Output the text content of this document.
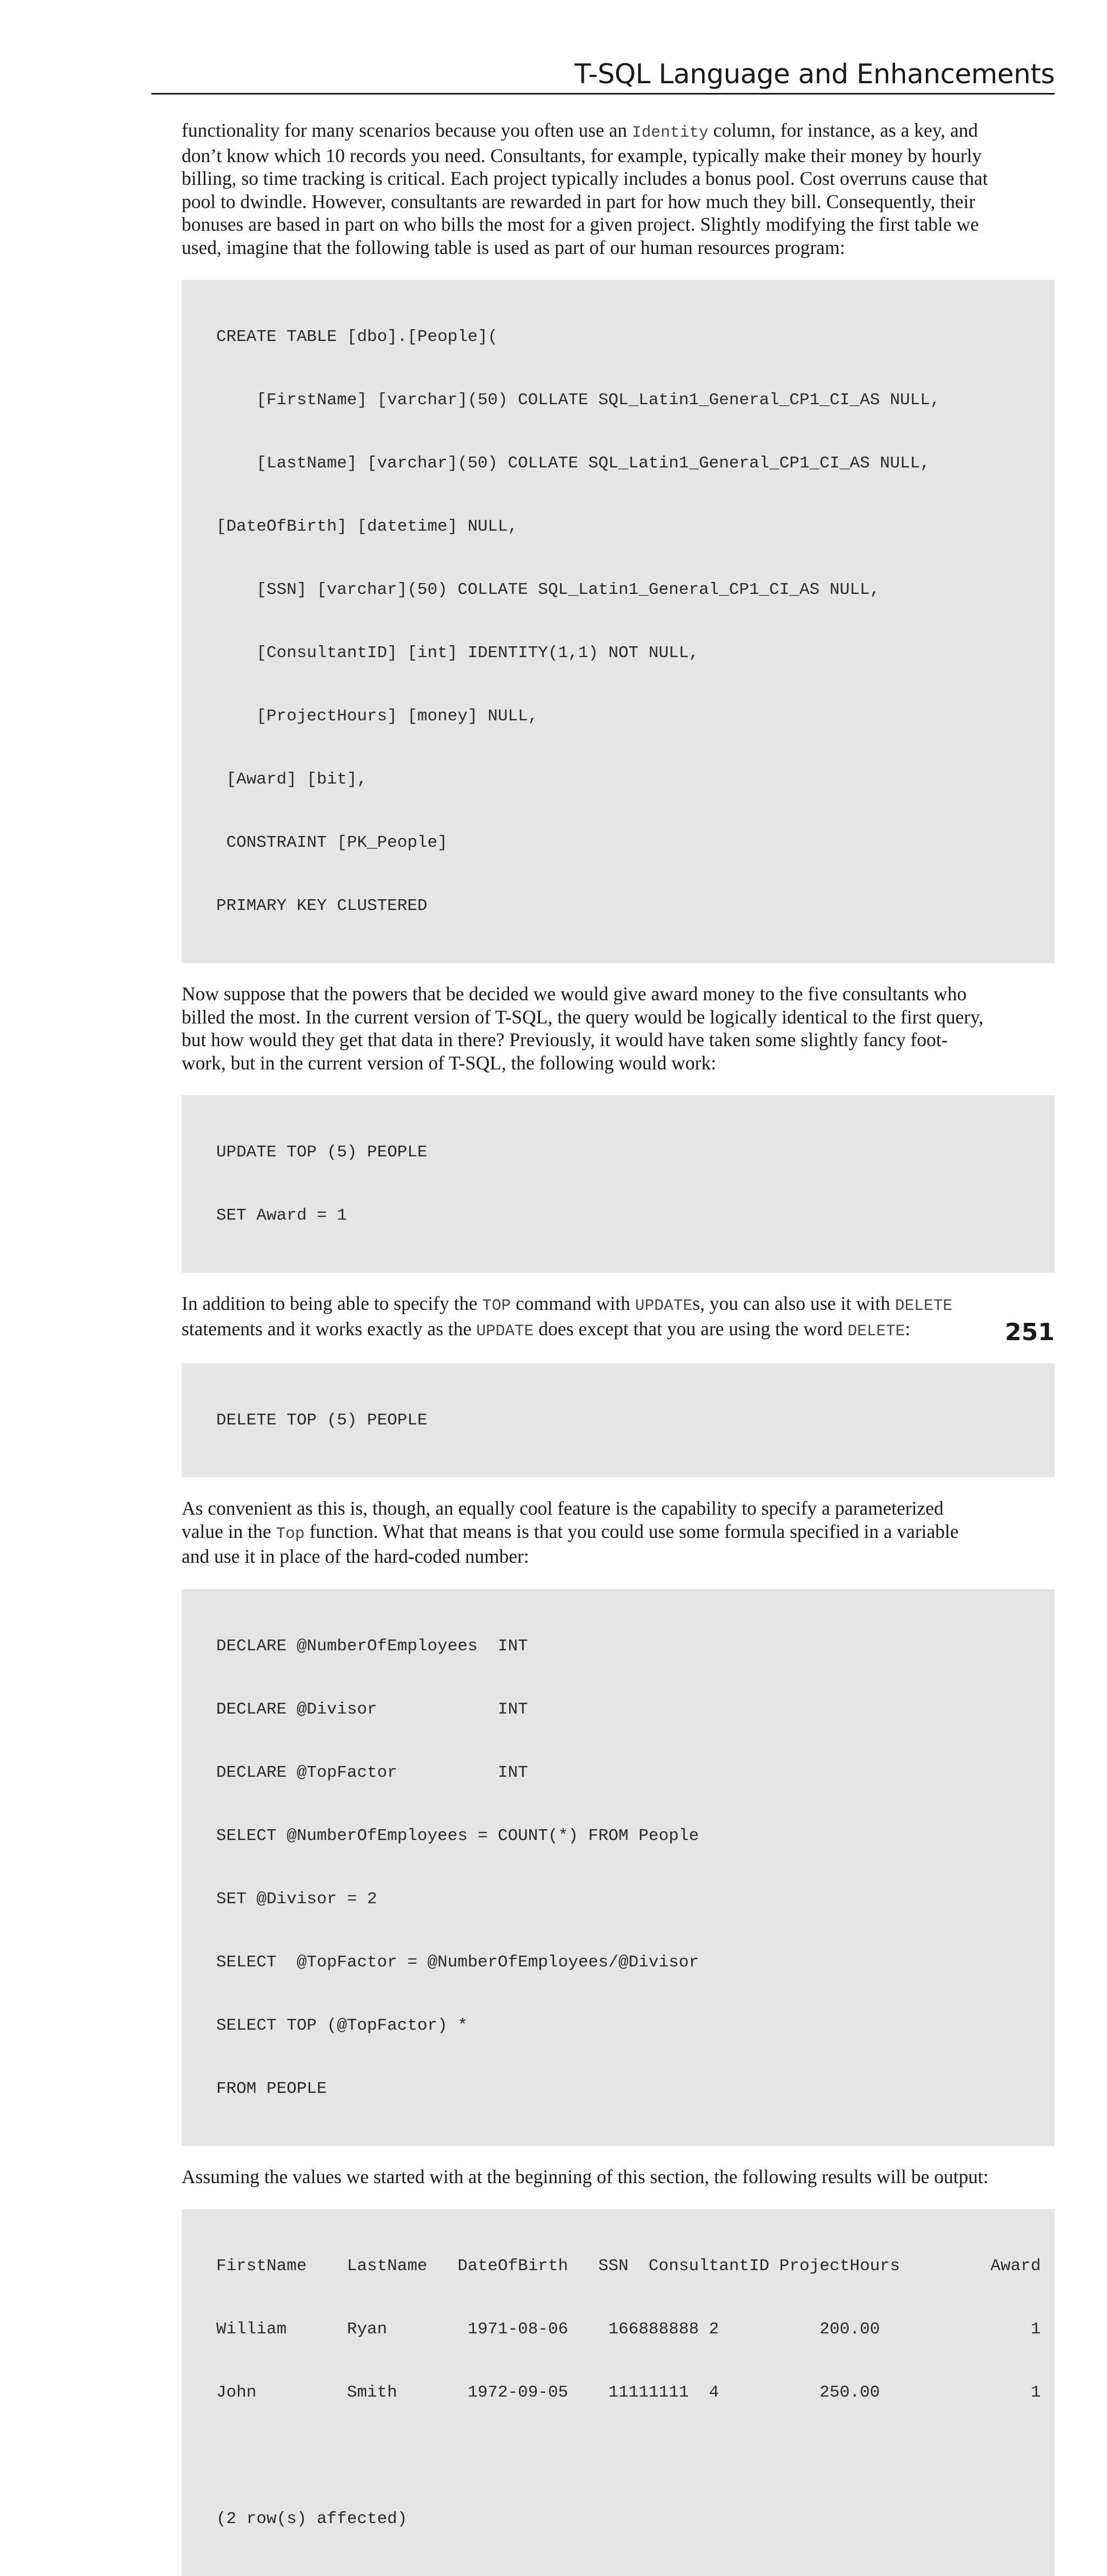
T-SQL Language and Enhancements

functionality for many scenarios because you often use an Identity column, for instance, as a key, and

don’t know which 10 records you need. Consultants, for example, typically make their money by hourly

billing, so time tracking is critical. Each project typically includes a bonus pool. Cost overruns cause that

pool to dwindle. However, consultants are rewarded in part for how much they bill. Consequently, their

bonuses are based in part on who bills the most for a given project. Slightly modifying the first table we

used, imagine that the following table is used as part of our human resources program:

CREATE TABLE [dbo].[People](

[FirstName] [varchar](50) COLLATE SQL_Latin1_General_CP1_CI_AS NULL,

[LastName] [varchar](50) COLLATE SQL_Latin1_General_CP1_CI_AS NULL,

[DateOfBirth] [datetime] NULL,

[SSN] [varchar](50) COLLATE SQL_Latin1_General_CP1_CI_AS NULL,

[ConsultantID] [int] IDENTITY(1,1) NOT NULL,

[ProjectHours] [money] NULL,

[Award] [bit],

CONSTRAINT [PK_People]

PRIMARY KEY CLUSTERED

Now suppose that the powers that be decided we would give award money to the five consultants who

billed the most. In the current version of T-SQL, the query would be logically identical to the first query,

but how would they get that data in there? Previously, it would have taken some slightly fancy foot-

work, but in the current version of T-SQL, the following would work:

UPDATE TOP (5) PEOPLE

SET Award = 1

In addition to being able to specify the TOP command with UPDATEs, you can also use it with DELETE

statements and it works exactly as the UPDATE does except that you are using the word DELETE:

DELETE TOP (5) PEOPLE

As convenient as this is, though, an equally cool feature is the capability to specify a parameterized

value in the Top function. What that means is that you could use some formula specified in a variable

and use it in place of the hard-coded number:

DECLARE @NumberOfEmployees  INT

DECLARE @Divisor            INT

DECLARE @TopFactor          INT

SELECT @NumberOfEmployees = COUNT(*) FROM People

SET @Divisor = 2

SELECT  @TopFactor = @NumberOfEmployees/@Divisor

SELECT TOP (@TopFactor) *

FROM PEOPLE

Assuming the values we started with at the beginning of this section, the following results will be output:

FirstName    LastName   DateOfBirth   SSN  ConsultantID ProjectHours         Award

William      Ryan        1971-08-06    166888888 2          200.00               1

John         Smith       1972-09-05    11111111  4          250.00               1

(2 row(s) affected)

251
